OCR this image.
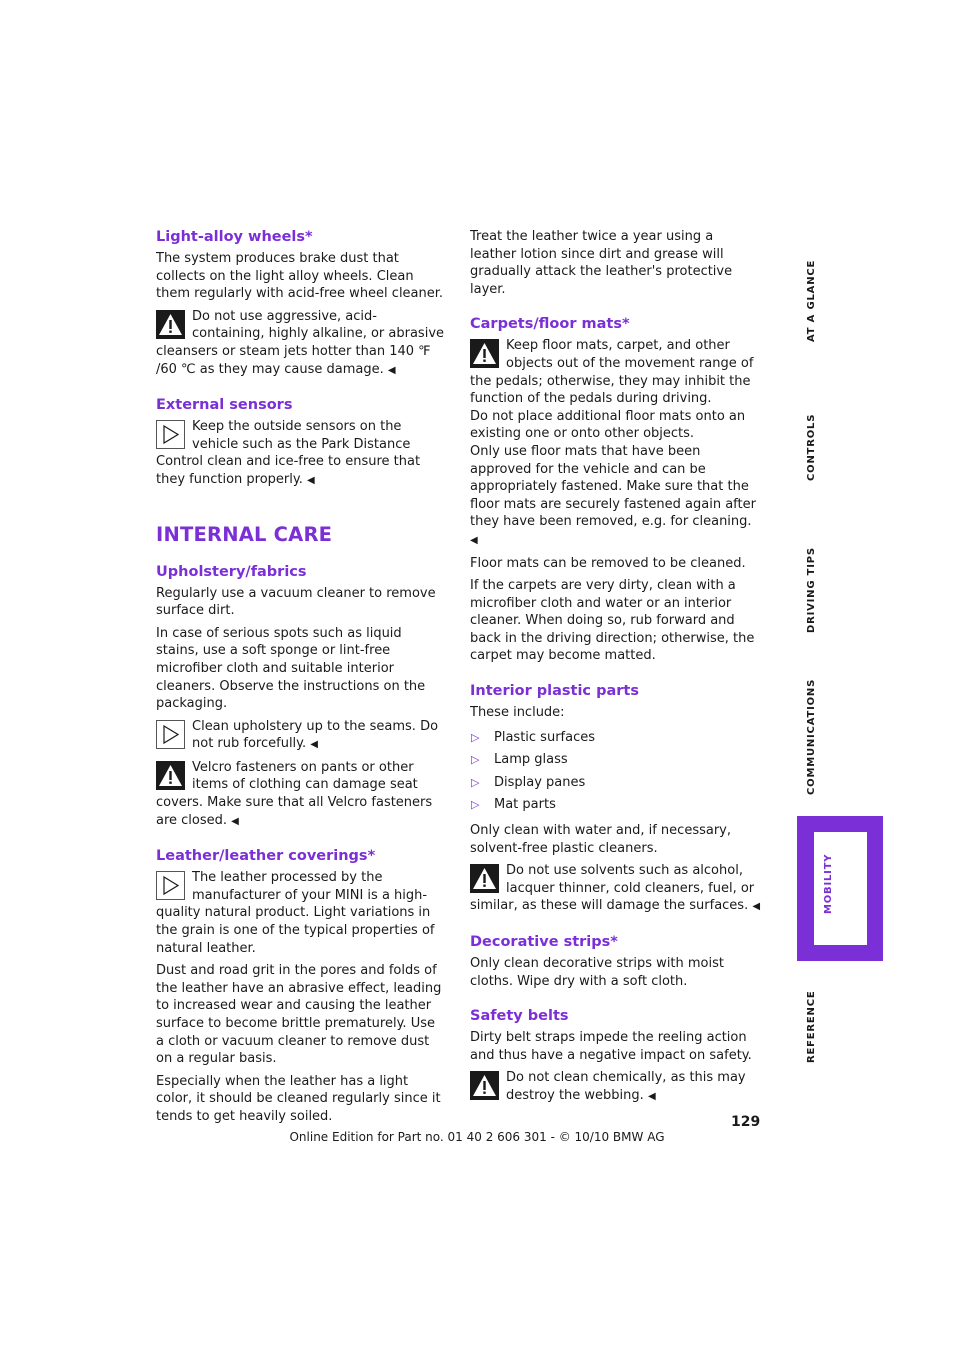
Light-alloy wheels*

The system produces brake dust that collects on the light alloy wheels. Clean them regularly with acid-free wheel cleaner.

Do not use aggressive, acid-containing, highly alkaline, or abrasive cleansers or steam jets hotter than 140 ℉ /60 ℃ as they may cause damage. ◀
External sensors
Keep the outside sensors on the vehicle such as the Park Distance Control clean and ice-free to ensure that they function properly. ◀
INTERNAL CARE
Upholstery/fabrics

Regularly use a vacuum cleaner to remove surface dirt.

In case of serious spots such as liquid stains, use a soft sponge or lint-free microfiber cloth and suitable interior cleaners. Observe the instructions on the packaging.

Clean upholstery up to the seams. Do not rub forcefully. ◀
Velcro fasteners on pants or other items of clothing can damage seat covers. Make sure that all Velcro fasteners are closed. ◀
Leather/leather coverings*
The leather processed by the manufacturer of your MINI is a high-quality natural product. Light variations in the grain is one of the typical properties of natural leather.

Dust and road grit in the pores and folds of the leather have an abrasive effect, leading to increased wear and causing the leather surface to become brittle prematurely. Use a cloth or vacuum cleaner to remove dust on a regular basis.

Especially when the leather has a light color, it should be cleaned regularly since it tends to get heavily soiled.

Treat the leather twice a year using a leather lotion since dirt and grease will gradually attack the leather's protective layer.

Carpets/floor mats*
Keep floor mats, carpet, and other objects out of the movement range of the pedals; otherwise, they may inhibit the function of the pedals during driving.
Do not place additional floor mats onto an existing one or onto other objects.
Only use floor mats that have been approved for the vehicle and can be appropriately fastened. Make sure that the floor mats are securely fastened again after they have been removed, e.g. for cleaning. ◀

Floor mats can be removed to be cleaned.

If the carpets are very dirty, clean with a microfiber cloth and water or an interior cleaner. When doing so, rub forward and back in the driving direction; otherwise, the carpet may become matted.

Interior plastic parts

These include:

▷ Plastic surfaces
▷ Lamp glass
▷ Display panes
▷ Mat parts

Only clean with water and, if necessary, solvent-free plastic cleaners.

Do not use solvents such as alcohol, lacquer thinner, cold cleaners, fuel, or similar, as these will damage the surfaces. ◀
Decorative strips*

Only clean decorative strips with moist cloths. Wipe dry with a soft cloth.

Safety belts

Dirty belt straps impede the reeling action and thus have a negative impact on safety.

Do not clean chemically, as this may destroy the webbing. ◀
AT A GLANCE
CONTROLS
DRIVING TIPS
COMMUNICATIONS
MOBILITY
REFERENCE
129
Online Edition for Part no. 01 40 2 606 301 - © 10/10 BMW AG
